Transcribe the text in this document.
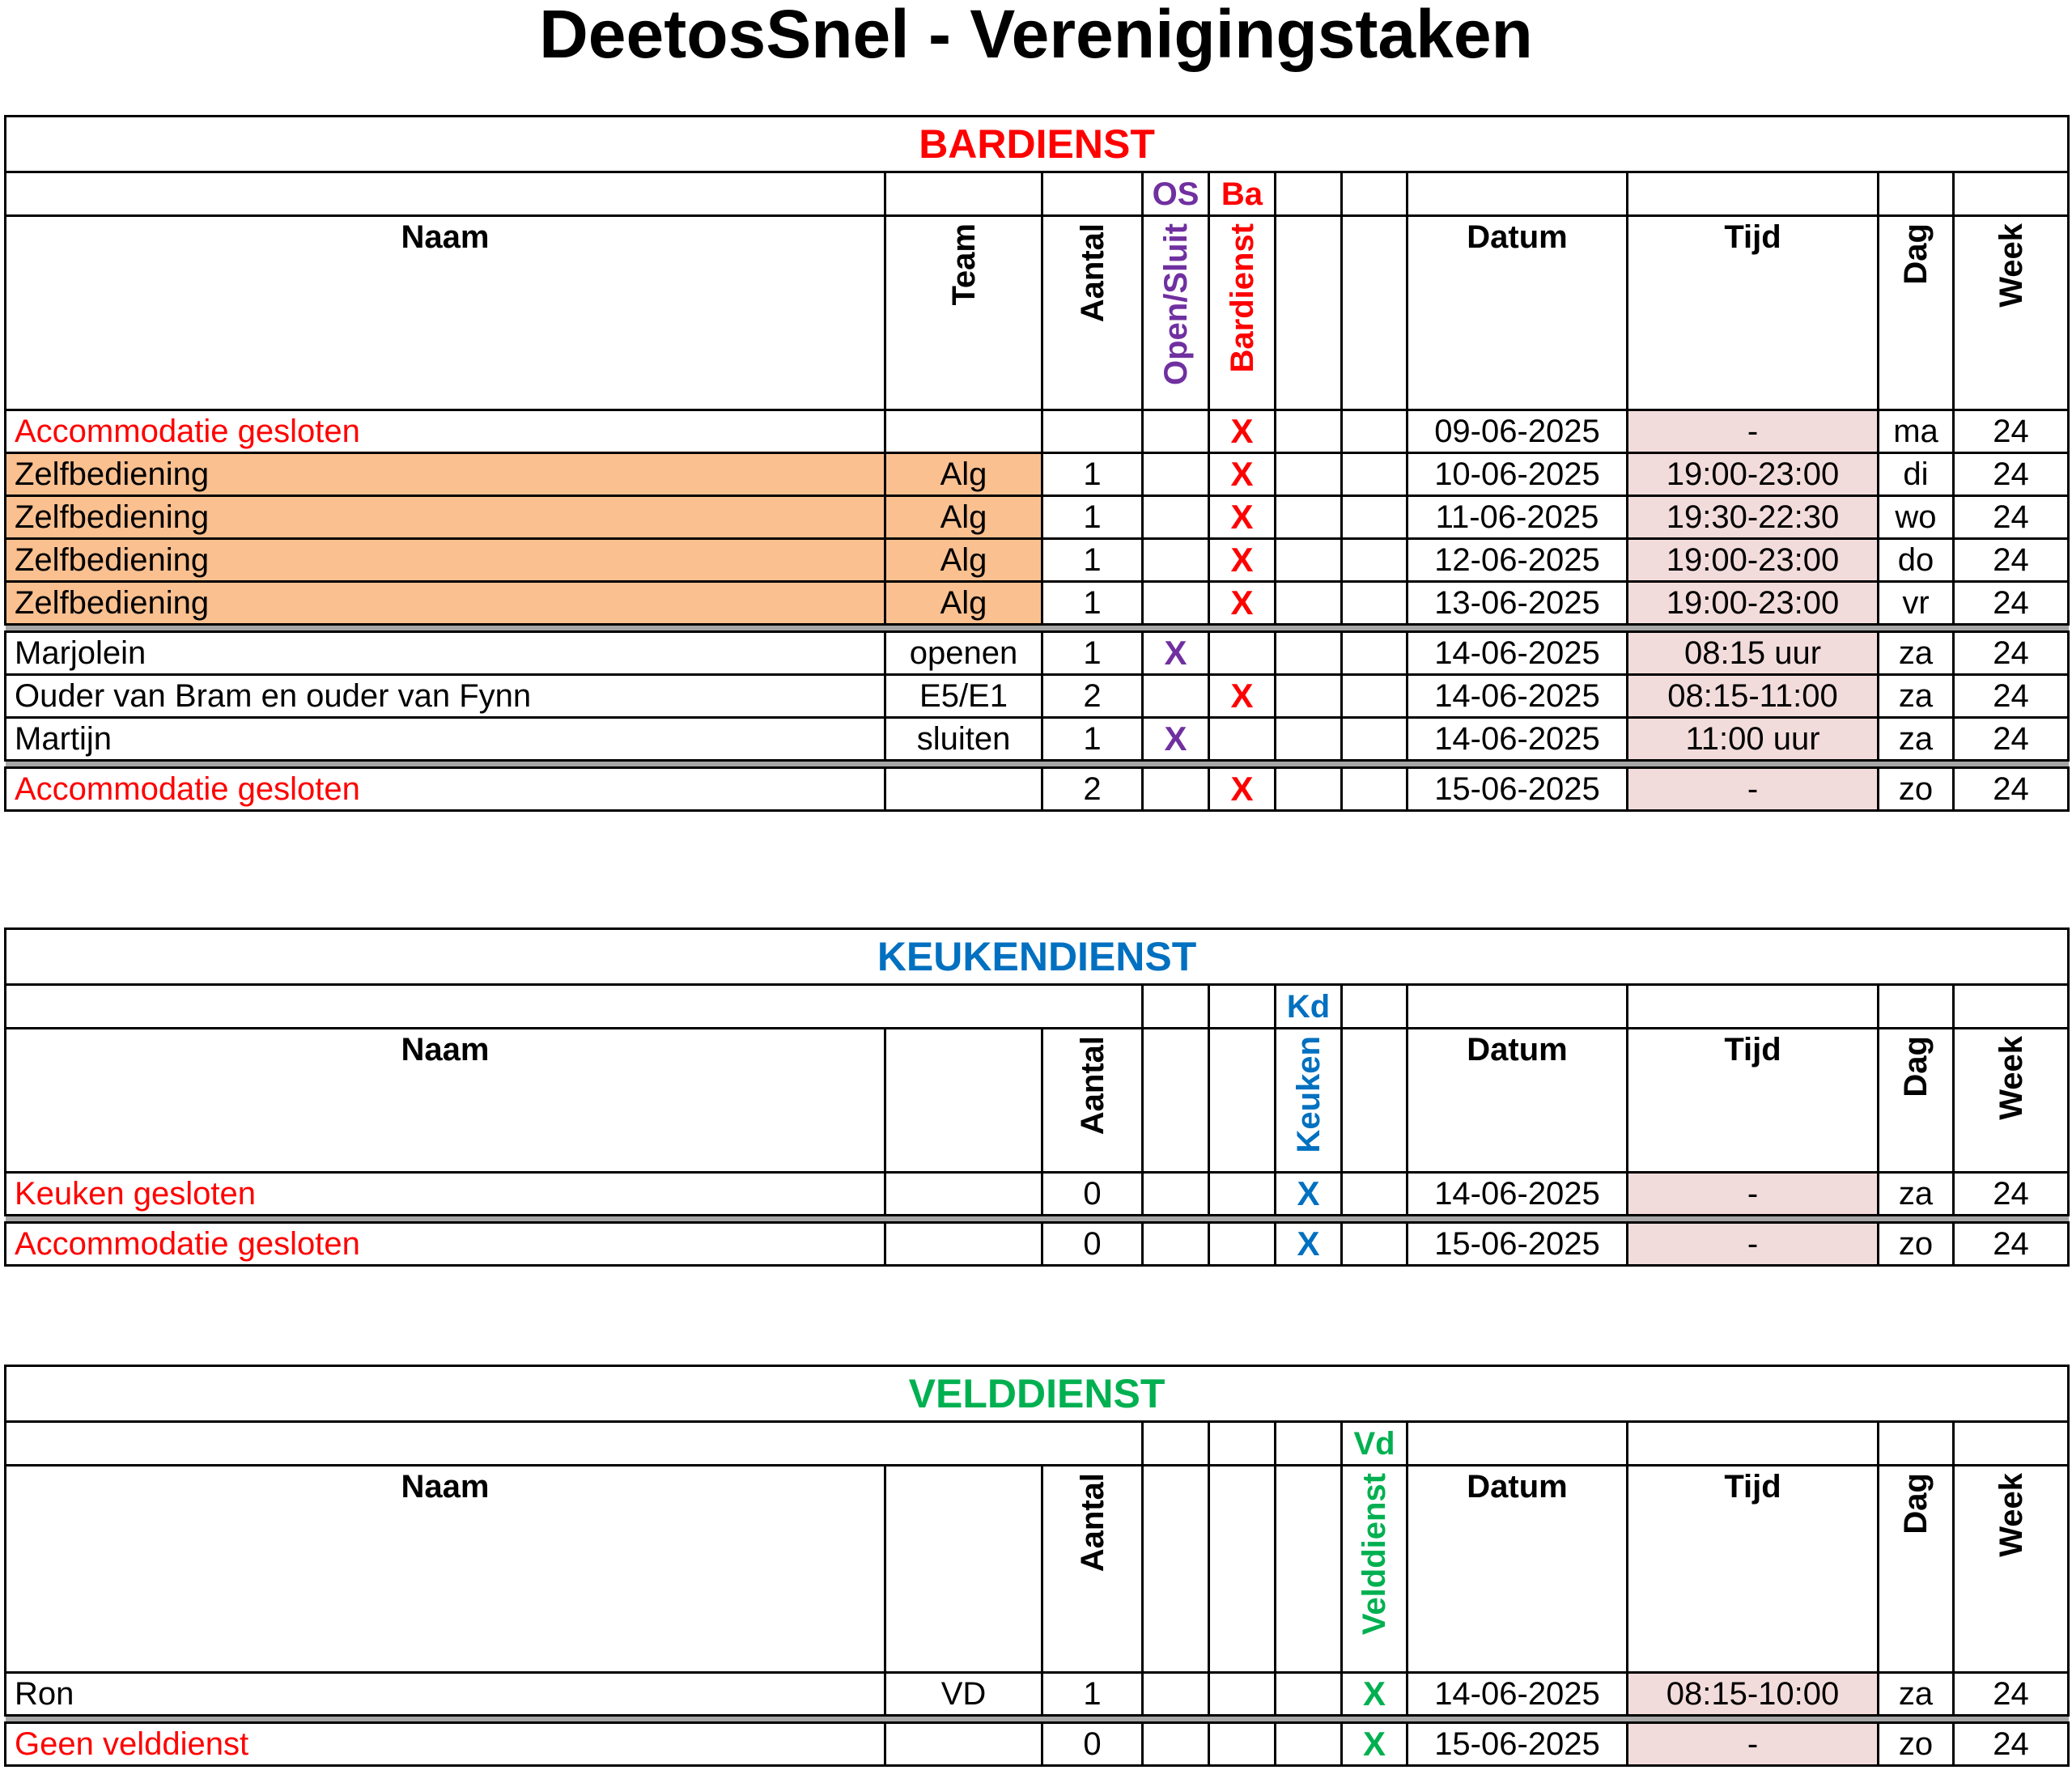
DeetosSnel - Verenigingstaken
BARDIENST										
			OS	Ba						
Naam	Team	Aantal	Open/Sluit	Bardienst			Datum	Tijd	Dag	Week
Accommodatie gesloten				X			09-06-2025	-	ma	24
Zelfbediening	Alg	1		X			10-06-2025	19:00-23:00	di	24
Zelfbediening	Alg	1		X			11-06-2025	19:30-22:30	wo	24
Zelfbediening	Alg	1		X			12-06-2025	19:00-23:00	do	24
Zelfbediening	Alg	1		X			13-06-2025	19:00-23:00	vr	24

Marjolein	openen	1	X				14-06-2025	08:15 uur	za	24
Ouder van Bram en ouder van Fynn	E5/E1	2		X			14-06-2025	08:15-11:00	za	24
Martijn	sluiten	1	X				14-06-2025	11:00 uur	za	24

Accommodatie gesloten		2		X			15-06-2025	-	zo	24
KEUKENDIENST										
					Kd					
Naam		Aantal			Keuken		Datum	Tijd	Dag	Week
Keuken gesloten		0			X		14-06-2025	-	za	24

Accommodatie gesloten		0			X		15-06-2025	-	zo	24
VELDDIENST										
						Vd				
Naam		Aantal				Velddienst	Datum	Tijd	Dag	Week
Ron	VD	1				X	14-06-2025	08:15-10:00	za	24

Geen velddienst		0				X	15-06-2025	-	zo	24
